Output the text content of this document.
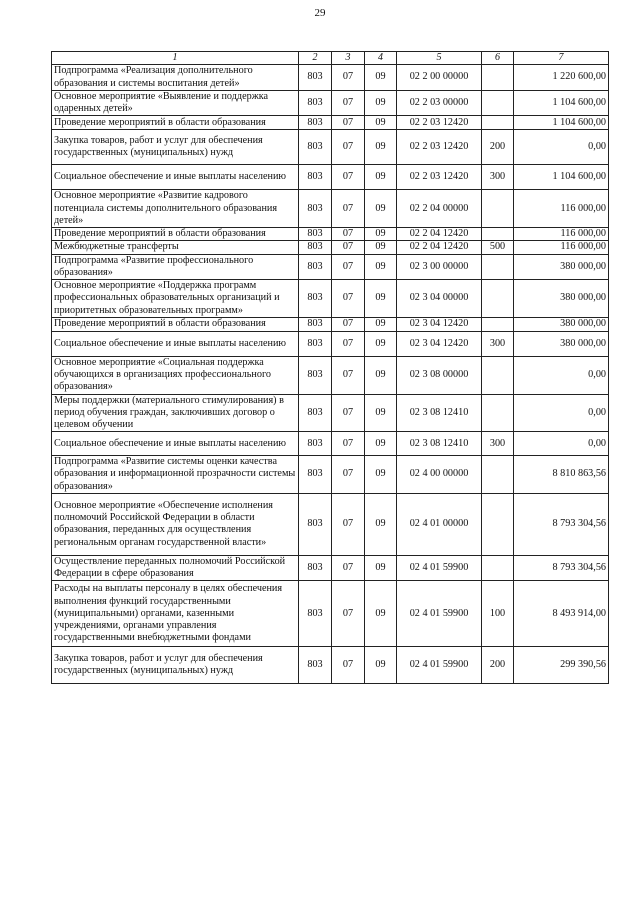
29
1	2	3	4	5	6	7
Подпрограмма «Реализация дополнительного образования и системы воспитания детей»	803	07	09	02 2 00 00000		1 220 600,00
Основное мероприятие «Выявление и поддержка одаренных детей»	803	07	09	02 2 03 00000		1 104 600,00
Проведение мероприятий в области образования	803	07	09	02 2 03 12420		1 104 600,00
Закупка товаров, работ и услуг для обеспечения государственных (муниципальных) нужд	803	07	09	02 2 03 12420	200	0,00
Социальное обеспечение и иные выплаты населению	803	07	09	02 2 03 12420	300	1 104 600,00
Основное мероприятие «Развитие кадрового потенциала системы дополнительного образования детей»	803	07	09	02 2 04 00000		116 000,00
Проведение мероприятий в области образования	803	07	09	02 2 04 12420		116 000,00
Межбюджетные трансферты	803	07	09	02 2 04 12420	500	116 000,00
Подпрограмма «Развитие профессионального образования»	803	07	09	02 3 00 00000		380 000,00
Основное мероприятие «Поддержка программ профессиональных образовательных организаций и приоритетных образовательных программ»	803	07	09	02 3 04 00000		380 000,00
Проведение мероприятий в области образования	803	07	09	02 3 04 12420		380 000,00
Социальное обеспечение и иные выплаты населению	803	07	09	02 3 04 12420	300	380 000,00
Основное мероприятие «Социальная поддержка обучающихся в организациях профессионального образования»	803	07	09	02 3 08 00000		0,00
Меры поддержки (материального стимулирования) в период обучения граждан, заключивших договор о целевом обучении	803	07	09	02 3 08 12410		0,00
Социальное обеспечение и иные выплаты населению	803	07	09	02 3 08 12410	300	0,00
Подпрограмма «Развитие системы оценки качества образования и информационной прозрачности системы образования»	803	07	09	02 4 00 00000		8 810 863,56
Основное мероприятие «Обеспечение исполнения полномочий Российской Федерации в области образования, переданных для осуществления региональным органам государственной власти»	803	07	09	02 4 01 00000		8 793 304,56
Осуществление переданных полномочий Российской Федерации в сфере образования	803	07	09	02 4 01 59900		8 793 304,56
Расходы на выплаты персоналу в целях обеспечения выполнения функций государственными (муниципальными) органами, казенными учреждениями, органами управления государственными внебюджетными фондами	803	07	09	02 4 01 59900	100	8 493 914,00
Закупка товаров, работ и услуг для обеспечения государственных (муниципальных) нужд	803	07	09	02 4 01 59900	200	299 390,56
